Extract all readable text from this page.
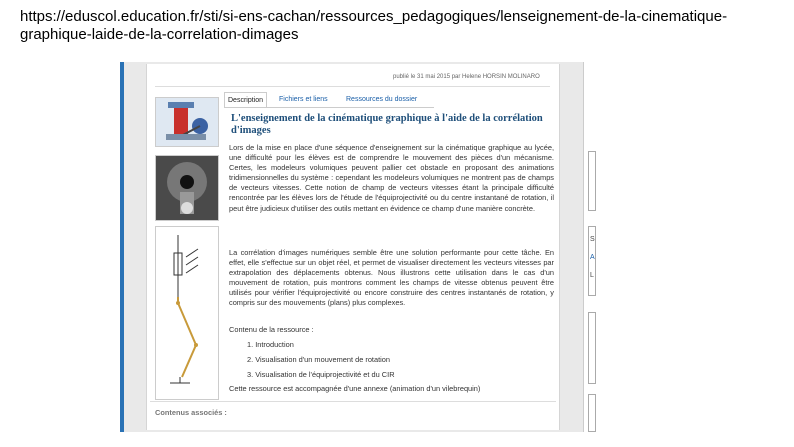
https://eduscol.education.fr/sti/si-ens-cachan/ressources_pedagogiques/lenseignement-de-la-cinematique-graphique-laide-de-la-correlation-dimages
publié le 31 mai 2015 par Helene HORSIN MOLINARO
Description	Fichiers et liens	Ressources du dossier
L'enseignement de la cinématique graphique à l'aide de la corrélation d'images
Lors de la mise en place d'une séquence d'enseignement sur la cinématique graphique au lycée, une difficulté pour les élèves est de comprendre le mouvement des pièces d'un mécanisme. Certes, les modeleurs volumiques peuvent pallier cet obstacle en proposant des animations tridimensionnelles du système : cependant les modeleurs volumiques ne montrent pas de champs de vecteurs vitesses. Cette notion de champ de vecteurs vitesses étant la principale difficulté rencontrée par les élèves lors de l'étude de l'équiprojectivité ou du centre instantané de rotation, il peut être judicieux d'utiliser des outils mettant en évidence ce champ d'une manière concrète.
La corrélation d'images numériques semble être une solution performante pour cette tâche. En effet, elle s'effectue sur un objet réel, et permet de visualiser directement les vecteurs vitesses par extrapolation des déplacements obtenus. Nous illustrons cette utilisation dans le cas d'un mouvement de rotation, puis montrons comment les champs de vitesse obtenus peuvent être utilisés pour vérifier l'équiprojectivité ou encore construire des centres instantanés de rotation, y compris sur des mouvements (plans) plus complexes.
Contenu de la ressource :
1. Introduction
2. Visualisation d'un mouvement de rotation
3. Visualisation de l'équiprojectivité et du CIR
Cette ressource est accompagnée d'une annexe (animation d'un vilebrequin)
Contenus associés :
S
A
L
